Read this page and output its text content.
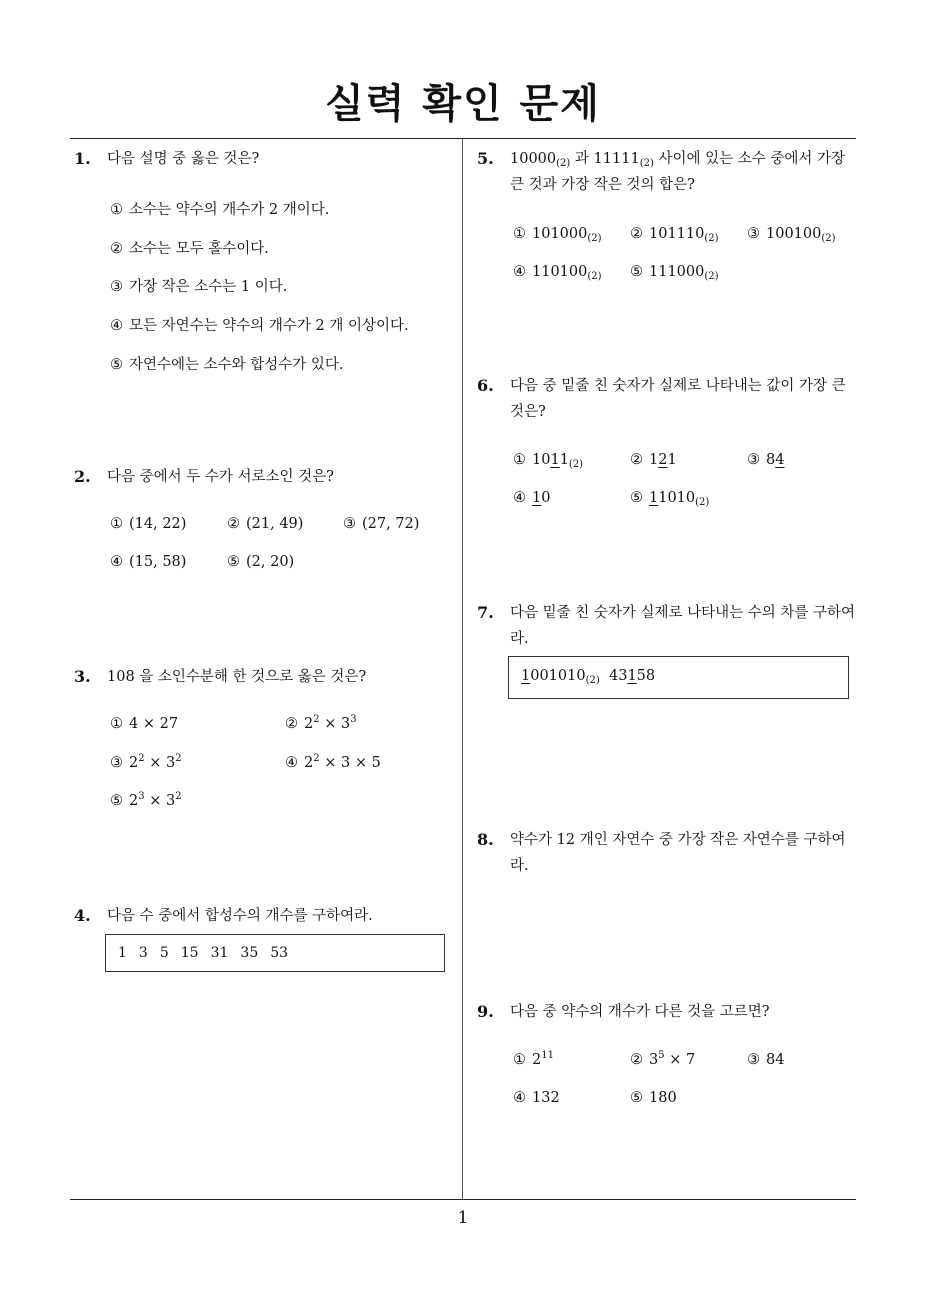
실력 확인 문제
1
1. 다음 설명 중 옳은 것은?
① 소수는 약수의 개수가 2 개이다.
② 소수는 모두 홀수이다.
③ 가장 작은 소수는 1 이다.
④ 모든 자연수는 약수의 개수가 2 개 이상이다.
⑤ 자연수에는 소수와 합성수가 있다.
2. 다음 중에서 두 수가 서로소인 것은?
① (14, 22)	② (21, 49)	③ (27, 72)
④ (15, 58)	⑤ (2, 20)
3. 108 을 소인수분해 한 것으로 옳은 것은?
① 4 × 27	② $2^2 \times 3^3$
③ $2^2 \times 3^2$	④ $2^2 \times 3 \times 5$
⑤ $2^3 \times 3^2$
4. 다음 수 중에서 합성수의 개수를 구하여라.
1 3 5 15 31 35 53
5. $10000_{(2)}$ 과 $11111_{(2)}$ 사이에 있는 소수 중에서 가장 큰 것과 가장 작은 것의 합은?
① $101000_{(2)}$ ② $101110_{(2)}$ ③ $100100_{(2)}$
④ $110100_{(2)}$ ⑤ $111000_{(2)}$
6. 다음 중 밑줄 친 숫자가 실제로 나타내는 값이 가장 큰 것은?
① $1011_{(2)}$	② 121	③ 84
④ 10	⑤ $11010_{(2)}$
7. 다음 밑줄 친 숫자가 실제로 나타내는 수의 차를 구하여라.
$1001010_{(2)}$ 43158
8. 약수가 12 개인 자연수 중 가장 작은 자연수를 구하여라.
9. 다음 중 약수의 개수가 다른 것을 고르면?
① $2^{11}$	② $3^5 \times 7$	③ 84
④ 132	⑤ 180
